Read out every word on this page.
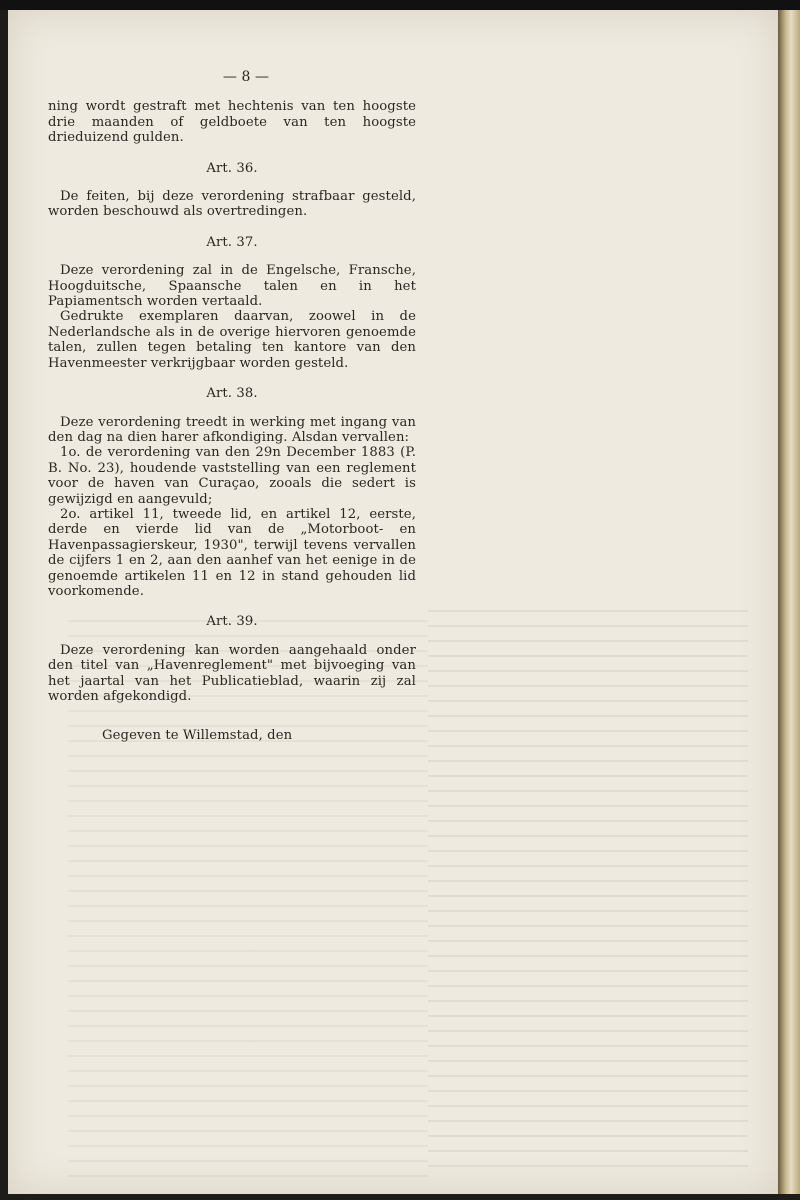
— 8 —

ning wordt gestraft met hechtenis van ten hoogste drie maanden of geldboete van ten hoogste drieduizend gulden.

Art. 36.

De feiten, bij deze verordening strafbaar gesteld, worden beschouwd als overtredingen.

Art. 37.

Deze verordening zal in de Engelsche, Fransche, Hoogduitsche, Spaansche talen en in het Papiamentsch worden vertaald.

Gedrukte exemplaren daarvan, zoowel in de Nederlandsche als in de overige hiervoren genoemde talen, zullen tegen betaling ten kantore van den Havenmeester verkrijgbaar worden gesteld.

Art. 38.

Deze verordening treedt in werking met ingang van den dag na dien harer afkondiging. Alsdan vervallen:

1o. de verordening van den 29n December 1883 (P. B. No. 23), houdende vaststelling van een reglement voor de haven van Curaçao, zooals die sedert is gewijzigd en aangevuld;

2o. artikel 11, tweede lid, en artikel 12, eerste, derde en vierde lid van de „Motorboot- en Havenpassagierskeur, 1930", terwijl tevens vervallen de cijfers 1 en 2, aan den aanhef van het eenige in de genoemde artikelen 11 en 12 in stand gehouden lid voorkomende.

Art. 39.

Deze verordening kan worden aangehaald onder den titel van „Havenreglement" met bijvoeging van het jaartal van het Publicatieblad, waarin zij zal worden afgekondigd.

Gegeven te Willemstad, den
